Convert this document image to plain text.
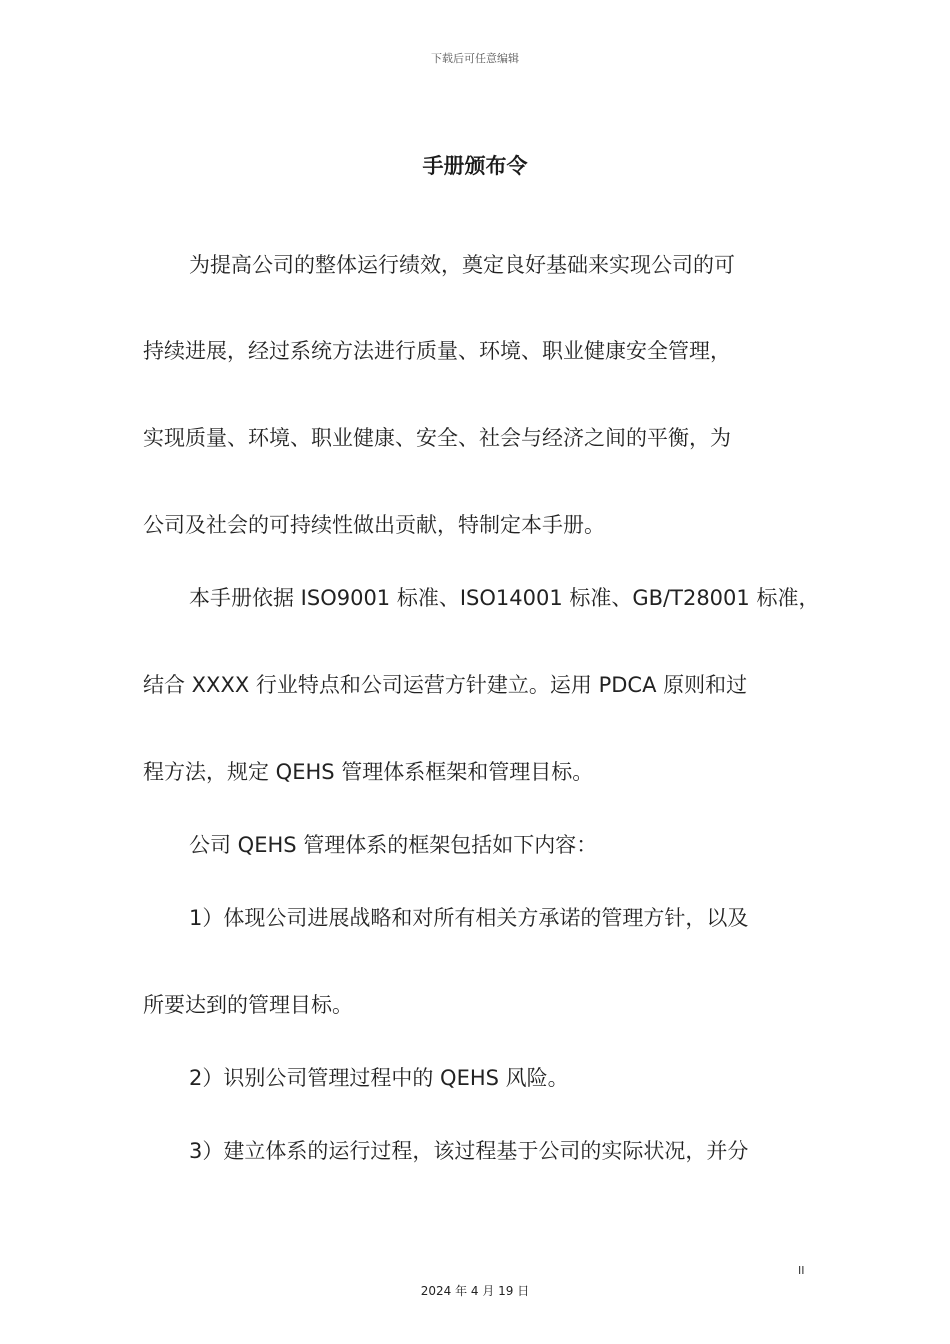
下载后可任意编辑
手册颁布令
为提高公司的整体运行绩效，奠定良好基础来实现公司的可
持续进展，经过系统方法进行质量、环境、职业健康安全管理，
实现质量、环境、职业健康、安全、社会与经济之间的平衡，为
公司及社会的可持续性做出贡献，特制定本手册。
本手册依据 ISO9001 标准、ISO14001 标准、GB/T28001 标准，
结合 XXXX 行业特点和公司运营方针建立。运用 PDCA 原则和过
程方法，规定 QEHS 管理体系框架和管理目标。
公司 QEHS 管理体系的框架包括如下内容：
1）体现公司进展战略和对所有相关方承诺的管理方针，以及
所要达到的管理目标。
2）识别公司管理过程中的 QEHS 风险。
3）建立体系的运行过程，该过程基于公司的实际状况，并分
II
2024 年 4 月 19 日
